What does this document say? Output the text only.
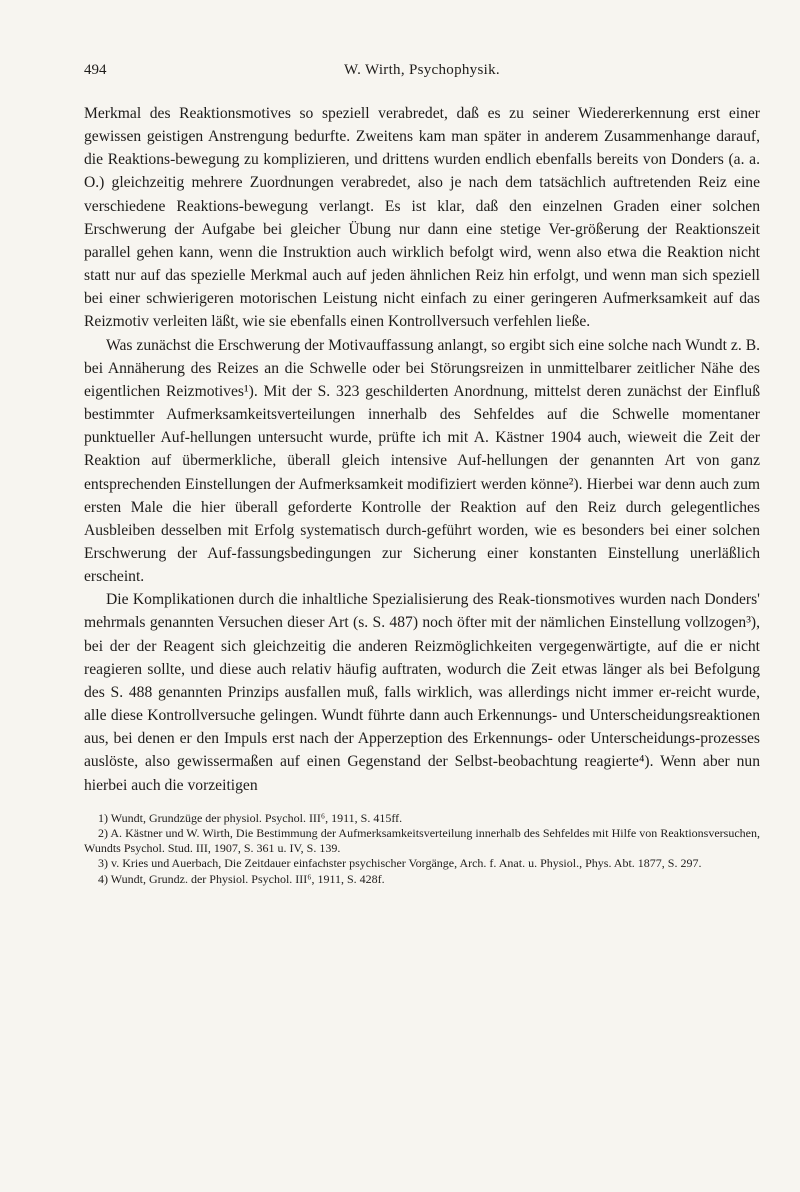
494	W. Wirth, Psychophysik.

Merkmal des Reaktionsmotives so speziell verabredet, daß es zu seiner Wiedererkennung erst einer gewissen geistigen Anstrengung bedurfte. Zweitens kam man später in anderem Zusammenhange darauf, die Reaktions-bewegung zu komplizieren, und drittens wurden endlich ebenfalls bereits von Donders (a. a. O.) gleichzeitig mehrere Zuordnungen verabredet, also je nach dem tatsächlich auftretenden Reiz eine verschiedene Reaktions-bewegung verlangt. Es ist klar, daß den einzelnen Graden einer solchen Erschwerung der Aufgabe bei gleicher Übung nur dann eine stetige Ver-größerung der Reaktionszeit parallel gehen kann, wenn die Instruktion auch wirklich befolgt wird, wenn also etwa die Reaktion nicht statt nur auf das spezielle Merkmal auch auf jeden ähnlichen Reiz hin erfolgt, und wenn man sich speziell bei einer schwierigeren motorischen Leistung nicht einfach zu einer geringeren Aufmerksamkeit auf das Reizmotiv verleiten läßt, wie sie ebenfalls einen Kontrollversuch verfehlen ließe.

Was zunächst die Erschwerung der Motivauffassung anlangt, so ergibt sich eine solche nach Wundt z. B. bei Annäherung des Reizes an die Schwelle oder bei Störungsreizen in unmittelbarer zeitlicher Nähe des eigentlichen Reizmotives¹). Mit der S. 323 geschilderten Anordnung, mittelst deren zunächst der Einfluß bestimmter Aufmerksamkeitsverteilungen innerhalb des Sehfeldes auf die Schwelle momentaner punktueller Auf-hellungen untersucht wurde, prüfte ich mit A. Kästner 1904 auch, wieweit die Zeit der Reaktion auf übermerkliche, überall gleich intensive Auf-hellungen der genannten Art von ganz entsprechenden Einstellungen der Aufmerksamkeit modifiziert werden könne²). Hierbei war denn auch zum ersten Male die hier überall geforderte Kontrolle der Reaktion auf den Reiz durch gelegentliches Ausbleiben desselben mit Erfolg systematisch durch-geführt worden, wie es besonders bei einer solchen Erschwerung der Auf-fassungsbedingungen zur Sicherung einer konstanten Einstellung unerläßlich erscheint.

Die Komplikationen durch die inhaltliche Spezialisierung des Reak-tionsmotives wurden nach Donders' mehrmals genannten Versuchen dieser Art (s. S. 487) noch öfter mit der nämlichen Einstellung vollzogen³), bei der der Reagent sich gleichzeitig die anderen Reizmöglichkeiten vergegenwärtigte, auf die er nicht reagieren sollte, und diese auch relativ häufig auftraten, wodurch die Zeit etwas länger als bei Befolgung des S. 488 genannten Prinzips ausfallen muß, falls wirklich, was allerdings nicht immer er-reicht wurde, alle diese Kontrollversuche gelingen. Wundt führte dann auch Erkennungs- und Unterscheidungsreaktionen aus, bei denen er den Impuls erst nach der Apperzeption des Erkennungs- oder Unterscheidungs-prozesses auslöste, also gewissermaßen auf einen Gegenstand der Selbst-beobachtung reagierte⁴). Wenn aber nun hierbei auch die vorzeitigen

1) Wundt, Grundzüge der physiol. Psychol. III⁶, 1911, S. 415ff.

2) A. Kästner und W. Wirth, Die Bestimmung der Aufmerksamkeitsverteilung innerhalb des Sehfeldes mit Hilfe von Reaktionsversuchen, Wundts Psychol. Stud. III, 1907, S. 361 u. IV, S. 139.

3) v. Kries und Auerbach, Die Zeitdauer einfachster psychischer Vorgänge, Arch. f. Anat. u. Physiol., Phys. Abt. 1877, S. 297.

4) Wundt, Grundz. der Physiol. Psychol. III⁶, 1911, S. 428f.
